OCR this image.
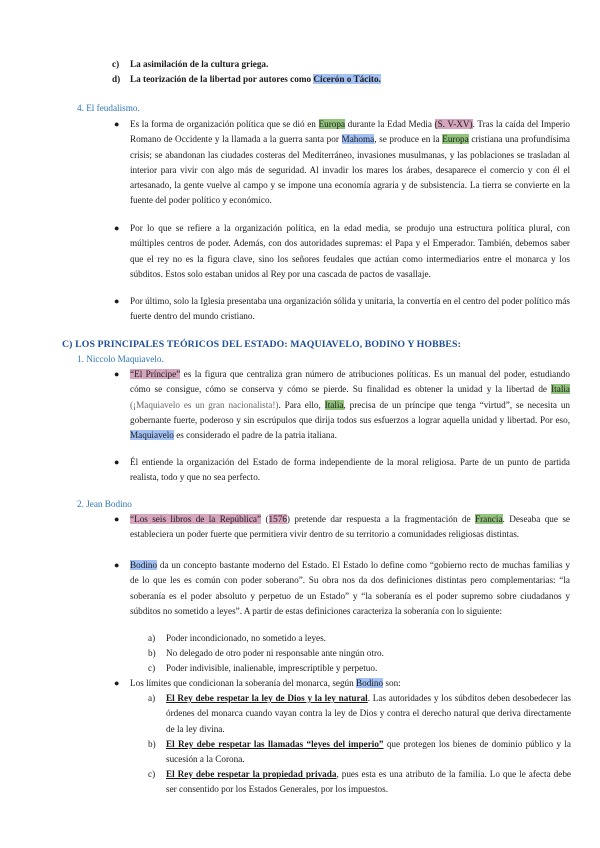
c) La asimilación de la cultura griega.
d) La teorización de la libertad por autores como Cicerón o Tácito.
4. El feudalismo.
● Es la forma de organización política que se dió en Europa durante la Edad Media (S. V-XV). Tras la caída del Imperio Romano de Occidente y la llamada a la guerra santa por Mahoma, se produce en la Europa cristiana una profundísima crisis; se abandonan las ciudades costeras del Mediterráneo, invasiones musulmanas, y las poblaciones se trasladan al interior para vivir con algo más de seguridad. Al invadir los mares los árabes, desaparece el comercio y con él el artesanado, la gente vuelve al campo y se impone una economía agraria y de subsistencia. La tierra se convierte en la fuente del poder político y económico.
● Por lo que se refiere a la organización política, en la edad media, se produjo una estructura política plural, con múltiples centros de poder. Además, con dos autoridades supremas: el Papa y el Emperador. También, debemos saber que el rey no es la figura clave, sino los señores feudales que actúan como intermediarios entre el monarca y los súbditos. Estos solo estaban unidos al Rey por una cascada de pactos de vasallaje.
● Por último, solo la Iglesia presentaba una organización sólida y unitaria, la convertía en el centro del poder político más fuerte dentro del mundo cristiano.
C) LOS PRINCIPALES TEÓRICOS DEL ESTADO: MAQUIAVELO, BODINO Y HOBBES:
1. Niccolo Maquiavelo.
● “El Príncipe” es la figura que centraliza gran número de atribuciones políticas. Es un manual del poder, estudiando cómo se consigue, cómo se conserva y cómo se pierde. Su finalidad es obtener la unidad y la libertad de Italia (¡Maquiavelo es un gran nacionalista!). Para ello, Italia, precisa de un príncipe que tenga “virtud”, se necesita un gobernante fuerte, poderoso y sin escrúpulos que dirija todos sus esfuerzos a lograr aquella unidad y libertad. Por eso, Maquiavelo es considerado el padre de la patria italiana.
● Él entiende la organización del Estado de forma independiente de la moral religiosa. Parte de un punto de partida realista, todo y que no sea perfecto.
2. Jean Bodino
● “Los seis libros de la República” (1576) pretende dar respuesta a la fragmentación de Francia. Deseaba que se estableciera un poder fuerte que permitiera vivir dentro de su territorio a comunidades religiosas distintas.
● Bodino da un concepto bastante moderno del Estado. El Estado lo define como “gobierno recto de muchas familias y de lo que les es común con poder soberano”. Su obra nos da dos definiciones distintas pero complementarias: “la soberanía es el poder absoluto y perpetuo de un Estado” y “la soberanía es el poder supremo sobre ciudadanos y súbditos no sometido a leyes”. A partir de estas definiciones caracteriza la soberanía con lo siguiente:
a) Poder incondicionado, no sometido a leyes.
b) No delegado de otro poder ni responsable ante ningún otro.
c) Poder indivisible, inalienable, imprescriptible y perpetuo.
● Los límites que condicionan la soberanía del monarca, según Bodino son:
a) El Rey debe respetar la ley de Dios y la ley natural. Las autoridades y los súbditos deben desobedecer las órdenes del monarca cuando vayan contra la ley de Dios y contra el derecho natural que deriva directamente de la ley divina.
b) El Rey debe respetar las llamadas “leyes del imperio” que protegen los bienes de dominio público y la sucesión a la Corona.
c) El Rey debe respetar la propiedad privada, pues esta es una atributo de la familia. Lo que le afecta debe ser consentido por los Estados Generales, por los impuestos.
